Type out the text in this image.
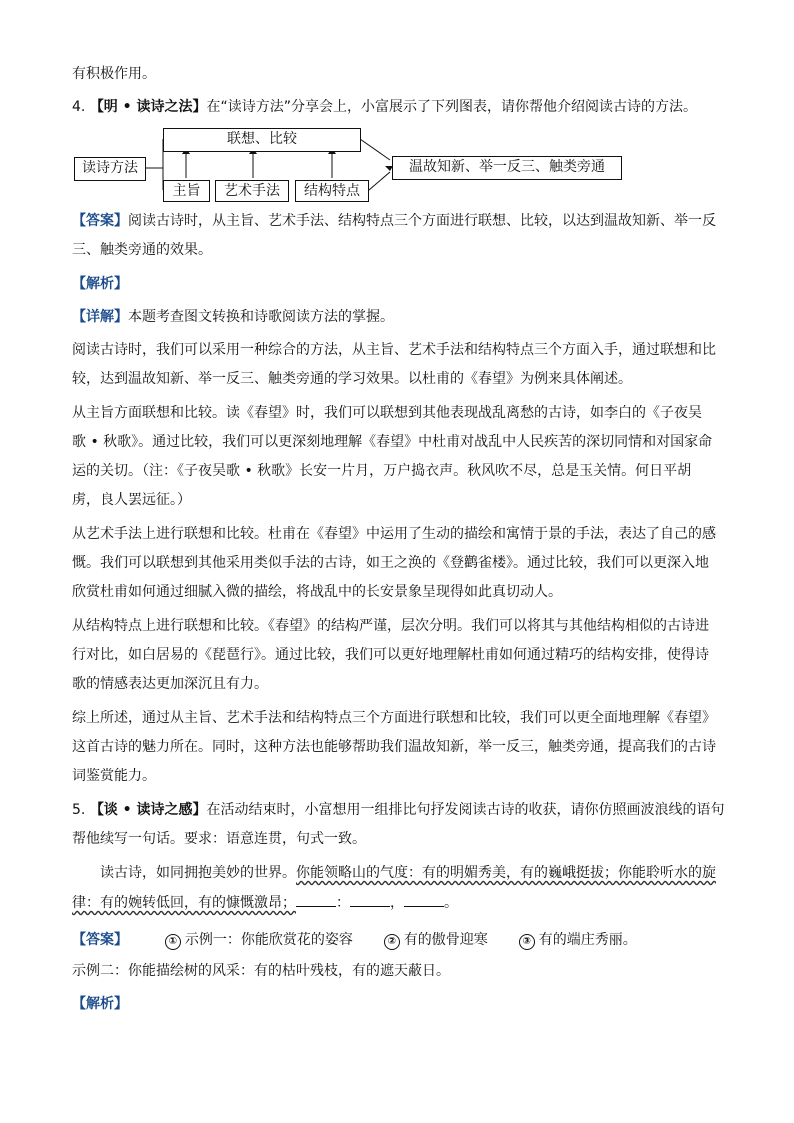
有积极作用。
4. 【明 • 读诗之法】在“读诗方法”分享会上，小富展示了下列图表，请你帮他介绍阅读古诗的方法。
读诗方法
联想、比较
主旨	艺术手法	结构特点
温故知新、举一反三、触类旁通
【答案】阅读古诗时，从主旨、艺术手法、结构特点三个方面进行联想、比较，以达到温故知新、举一反
三、触类旁通的效果。
【解析】
【详解】本题考查图文转换和诗歌阅读方法的掌握。
阅读古诗时，我们可以采用一种综合的方法，从主旨、艺术手法和结构特点三个方面入手，通过联想和比
较，达到温故知新、举一反三、触类旁通的学习效果。以杜甫的《春望》为例来具体阐述。
从主旨方面联想和比较。读《春望》时，我们可以联想到其他表现战乱离愁的古诗，如李白的《子夜吴
歌 • 秋歌》。通过比较，我们可以更深刻地理解《春望》中杜甫对战乱中人民疾苦的深切同情和对国家命
运的关切。（注：《子夜吴歌 • 秋歌》长安一片月，万户捣衣声。秋风吹不尽，总是玉关情。何日平胡
虏，良人罢远征。）
从艺术手法上进行联想和比较。杜甫在《春望》中运用了生动的描绘和寓情于景的手法，表达了自己的感
慨。我们可以联想到其他采用类似手法的古诗，如王之涣的《登鹳雀楼》。通过比较，我们可以更深入地
欣赏杜甫如何通过细腻入微的描绘，将战乱中的长安景象呈现得如此真切动人。
从结构特点上进行联想和比较。《春望》的结构严谨，层次分明。我们可以将其与其他结构相似的古诗进
行对比，如白居易的《琵琶行》。通过比较，我们可以更好地理解杜甫如何通过精巧的结构安排，使得诗
歌的情感表达更加深沉且有力。
综上所述，通过从主旨、艺术手法和结构特点三个方面进行联想和比较，我们可以更全面地理解《春望》
这首古诗的魅力所在。同时，这种方法也能够帮助我们温故知新，举一反三，触类旁通，提高我们的古诗
词鉴赏能力。
5. 【谈 • 读诗之感】在活动结束时，小富想用一组排比句抒发阅读古诗的收获，请你仿照画波浪线的语句
帮他续写一句话。要求：语意连贯，句式一致。
读古诗，如同拥抱美妙的世界。你能领略山的气度：有的明媚秀美，有的巍峨挺拔；你能聆听水的旋
律：有的婉转低回，有的慷慨激昂；	：	，	。
【答案】	① 示例一：你能欣赏花的姿容	② 有的傲骨迎寒	③ 有的端庄秀丽。
示例二：你能描绘树的风采：有的枯叶残枝，有的遮天蔽日。
【解析】
